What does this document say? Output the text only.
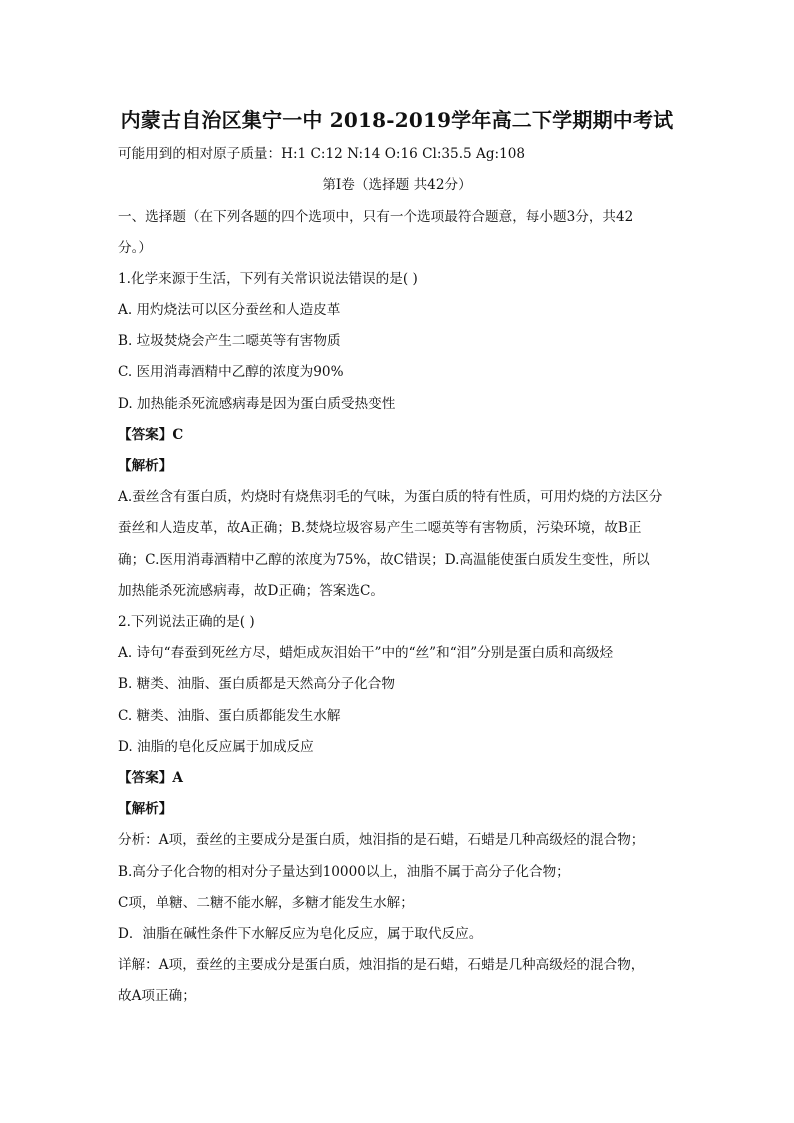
内蒙古自治区集宁一中 2018-2019学年高二下学期期中考试
可能用到的相对原子质量：H:1 C:12 N:14 O:16 Cl:35.5 Ag:108
第Ⅰ卷（选择题 共42分）
一、选择题（在下列各题的四个选项中，只有一个选项最符合题意，每小题3分，共42
分。）
1.化学来源于生活，下列有关常识说法错误的是( )
A. 用灼烧法可以区分蚕丝和人造皮革
B. 垃圾焚烧会产生二噁英等有害物质
C. 医用消毒酒精中乙醇的浓度为90%
D. 加热能杀死流感病毒是因为蛋白质受热变性
【答案】C
【解析】
A.蚕丝含有蛋白质，灼烧时有烧焦羽毛的气味，为蛋白质的特有性质，可用灼烧的方法区分
蚕丝和人造皮革，故A正确；B.焚烧垃圾容易产生二噁英等有害物质，污染环境，故B正
确；C.医用消毒酒精中乙醇的浓度为75%，故C错误；D.高温能使蛋白质发生变性，所以
加热能杀死流感病毒，故D正确；答案选C。
2.下列说法正确的是( )
A. 诗句“春蚕到死丝方尽，蜡炬成灰泪始干”中的“丝”和“泪”分别是蛋白质和高级烃
B. 糖类、油脂、蛋白质都是天然高分子化合物
C. 糖类、油脂、蛋白质都能发生水解
D. 油脂的皂化反应属于加成反应
【答案】A
【解析】
分析：A项，蚕丝的主要成分是蛋白质，烛泪指的是石蜡，石蜡是几种高级烃的混合物；
B.高分子化合物的相对分子量达到10000以上，油脂不属于高分子化合物；
C项，单糖、二糖不能水解，多糖才能发生水解；
D．油脂在碱性条件下水解反应为皂化反应，属于取代反应。
详解：A项，蚕丝的主要成分是蛋白质，烛泪指的是石蜡，石蜡是几种高级烃的混合物，
故A项正确；
